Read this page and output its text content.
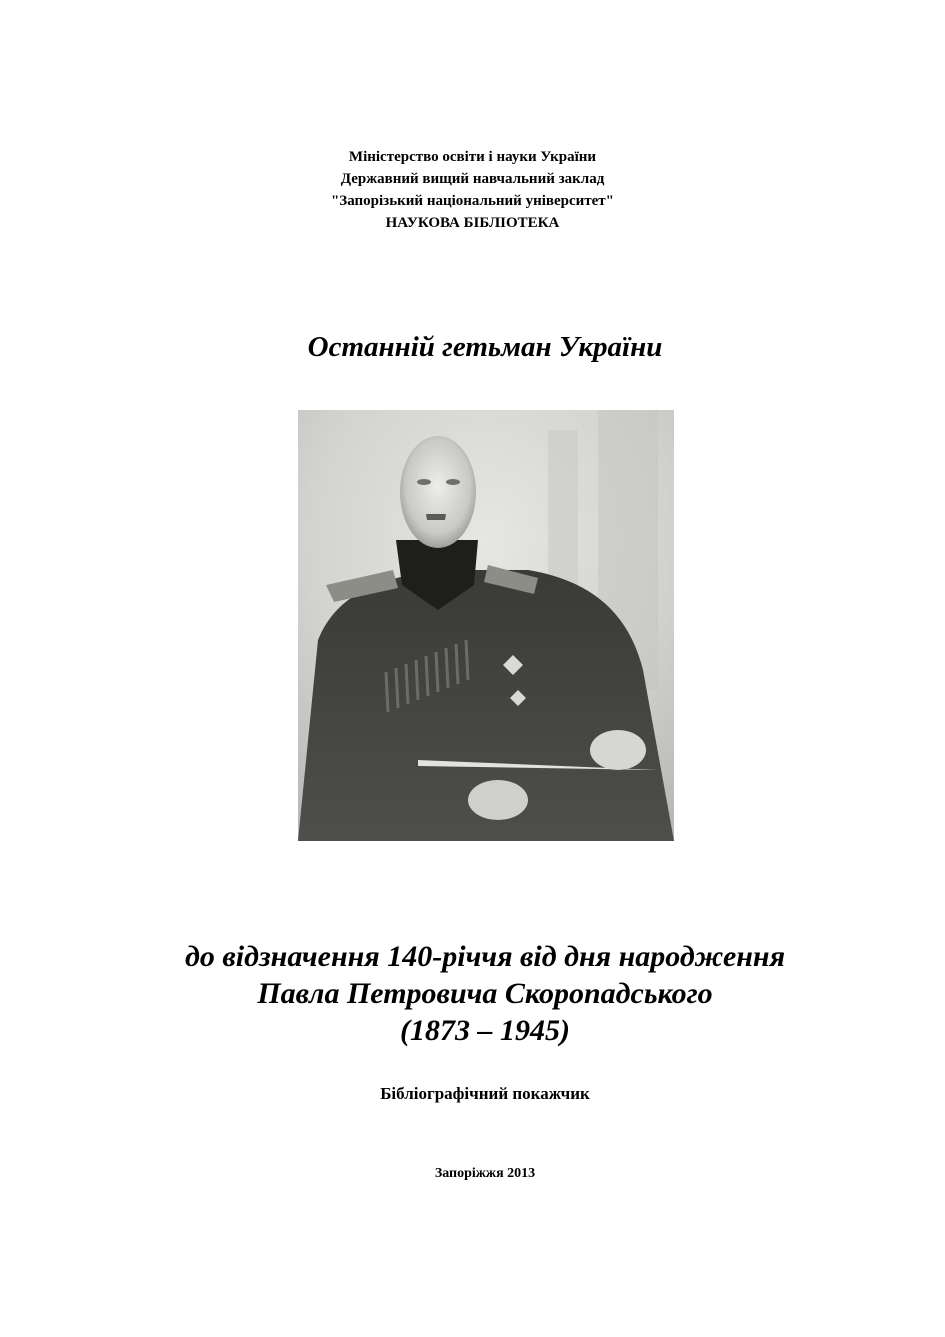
Міністерство освіти і науки України
Державний вищий навчальний заклад
"Запорізький національний університет"
НАУКОВА БІБЛІОТЕКА
Останній гетьман України
до відзначення 140-річчя від дня народження
Павла Петровича Скоропадського
(1873 – 1945)
Бібліографічний покажчик
Запоріжжя 2013
